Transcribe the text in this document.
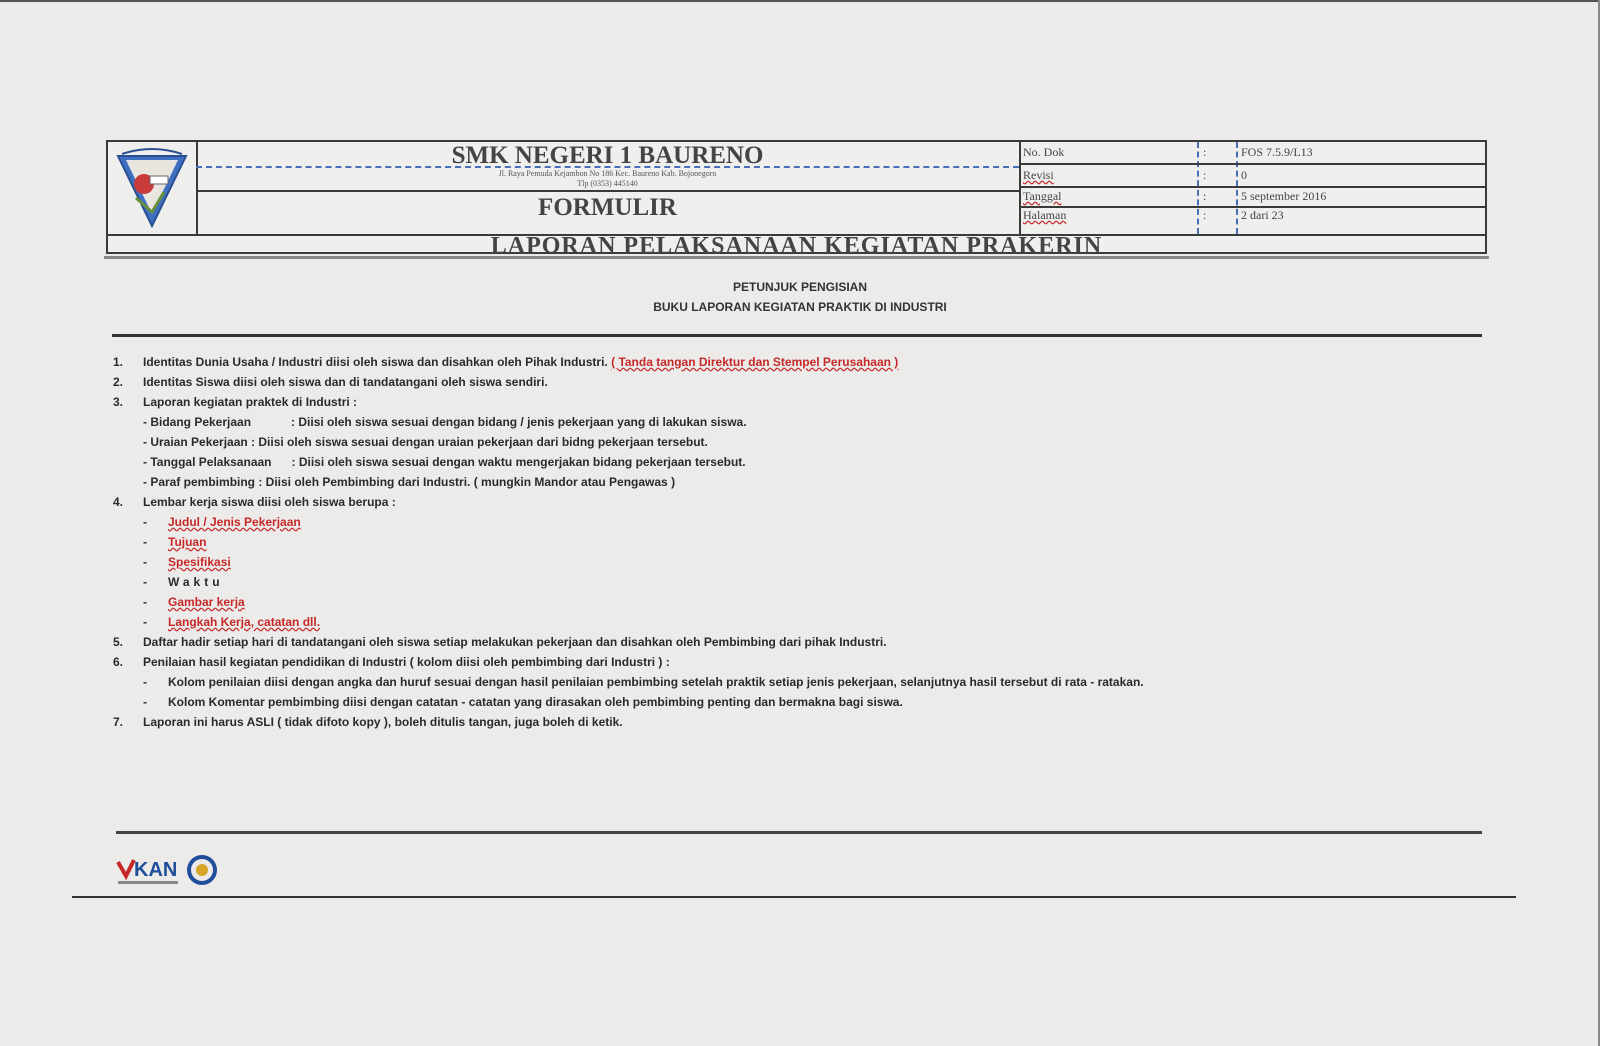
SMK NEGERI 1 BAURENO
Jl. Raya Pemuda Kejambon No 186 Kec. Baureno Kab. Bojonegoro
Tlp (0353) 445140
FORMULIR
No. Dok	:	FOS 7.5.9/L13
Revisi	:	0
Tanggal	:	5 september 2016
Halaman	:	2 dari 23
LAPORAN PELAKSANAAN KEGIATAN PRAKERIN
PETUNJUK PENGISIAN
BUKU LAPORAN KEGIATAN PRAKTIK DI INDUSTRI
1.	Identitas Dunia Usaha / Industri diisi oleh siswa dan disahkan oleh Pihak Industri. ( Tanda tangan Direktur dan Stempel Perusahaan )
2.	Identitas Siswa diisi oleh siswa dan di tandatangani oleh siswa sendiri.
3.	Laporan kegiatan praktek di Industri :
- Bidang Pekerjaan            : Diisi oleh siswa sesuai dengan bidang / jenis pekerjaan yang di lakukan siswa.
- Uraian Pekerjaan : Diisi oleh siswa sesuai dengan uraian pekerjaan dari bidng pekerjaan tersebut.
- Tanggal Pelaksanaan      : Diisi oleh siswa sesuai dengan waktu mengerjakan bidang pekerjaan tersebut.
- Paraf pembimbing : Diisi oleh Pembimbing dari Industri. ( mungkin Mandor atau Pengawas )
4.	Lembar kerja siswa diisi oleh siswa berupa :
-	Judul / Jenis Pekerjaan
-	Tujuan
-	Spesifikasi
-	Waktu
-	Gambar kerja
-	Langkah Kerja, catatan dll.
5.	Daftar hadir setiap hari di tandatangani oleh siswa setiap melakukan pekerjaan dan disahkan oleh Pembimbing dari pihak Industri.
6.	Penilaian hasil kegiatan pendidikan di Industri ( kolom diisi oleh pembimbing dari Industri ) :
-	Kolom penilaian diisi dengan angka dan huruf sesuai dengan hasil penilaian pembimbing setelah praktik setiap jenis pekerjaan, selanjutnya hasil tersebut di rata - ratakan.
-	Kolom Komentar pembimbing diisi dengan catatan - catatan yang dirasakan oleh pembimbing penting dan bermakna bagi siswa.
7.	Laporan ini harus ASLI ( tidak difoto kopy ), boleh ditulis tangan, juga boleh di ketik.
KAN
